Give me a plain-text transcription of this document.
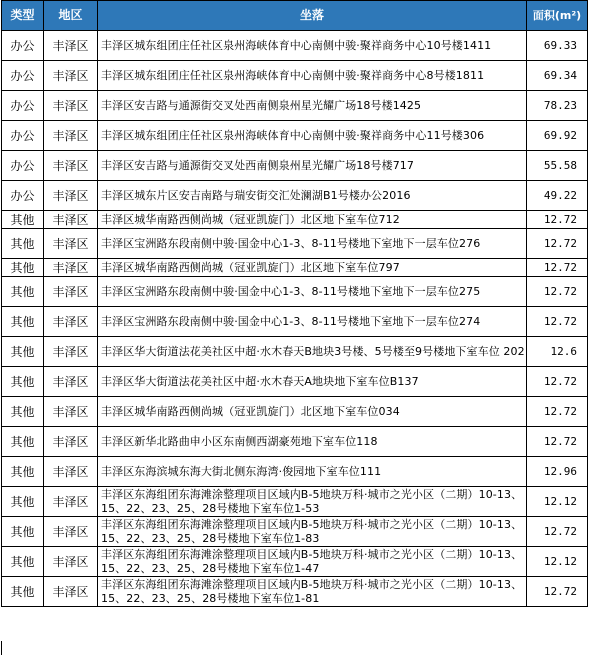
类型	地区	坐落	面积(m²)
办公	丰泽区	丰泽区城东组团庄任社区泉州海峡体育中心南侧中骏·聚祥商务中心10号楼1411	69.33
办公	丰泽区	丰泽区城东组团庄任社区泉州海峡体育中心南侧中骏·聚祥商务中心8号楼1811	69.34
办公	丰泽区	丰泽区安吉路与通源街交叉处西南侧泉州星光耀广场18号楼1425	78.23
办公	丰泽区	丰泽区城东组团庄任社区泉州海峡体育中心南侧中骏·聚祥商务中心11号楼306	69.92
办公	丰泽区	丰泽区安吉路与通源街交叉处西南侧泉州星光耀广场18号楼717	55.58
办公	丰泽区	丰泽区城东片区安吉南路与瑞安街交汇处澜湖B1号楼办公2016	49.22
其他	丰泽区	丰泽区城华南路西侧尚城（冠亚凯旋门）北区地下室车位712	12.72
其他	丰泽区	丰泽区宝洲路东段南侧中骏·国金中心1-3、8-11号楼地下室地下一层车位276	12.72
其他	丰泽区	丰泽区城华南路西侧尚城（冠亚凯旋门）北区地下室车位797	12.72
其他	丰泽区	丰泽区宝洲路东段南侧中骏·国金中心1-3、8-11号楼地下室地下一层车位275	12.72
其他	丰泽区	丰泽区宝洲路东段南侧中骏·国金中心1-3、8-11号楼地下室地下一层车位274	12.72
其他	丰泽区	丰泽区华大街道法花美社区中超·水木春天B地块3号楼、5号楼至9号楼地下室车位 202	12.6
其他	丰泽区	丰泽区华大街道法花美社区中超·水木春天A地块地下室车位B137	12.72
其他	丰泽区	丰泽区城华南路西侧尚城（冠亚凯旋门）北区地下室车位034	12.72
其他	丰泽区	丰泽区新华北路曲申小区东南侧西湖豪苑地下室车位118	12.72
其他	丰泽区	丰泽区东海滨城东海大街北侧东海湾·俊园地下室车位111	12.96
其他	丰泽区	丰泽区东海组团东海滩涂整理项目区域内B-5地块万科·城市之光小区（二期）10-13、15、22、23、25、28号楼地下室车位1-53	12.12
其他	丰泽区	丰泽区东海组团东海滩涂整理项目区域内B-5地块万科·城市之光小区（二期）10-13、15、22、23、25、28号楼地下室车位1-83	12.72
其他	丰泽区	丰泽区东海组团东海滩涂整理项目区域内B-5地块万科·城市之光小区（二期）10-13、15、22、23、25、28号楼地下室车位1-47	12.12
其他	丰泽区	丰泽区东海组团东海滩涂整理项目区域内B-5地块万科·城市之光小区（二期）10-13、15、22、23、25、28号楼地下室车位1-81	12.72
